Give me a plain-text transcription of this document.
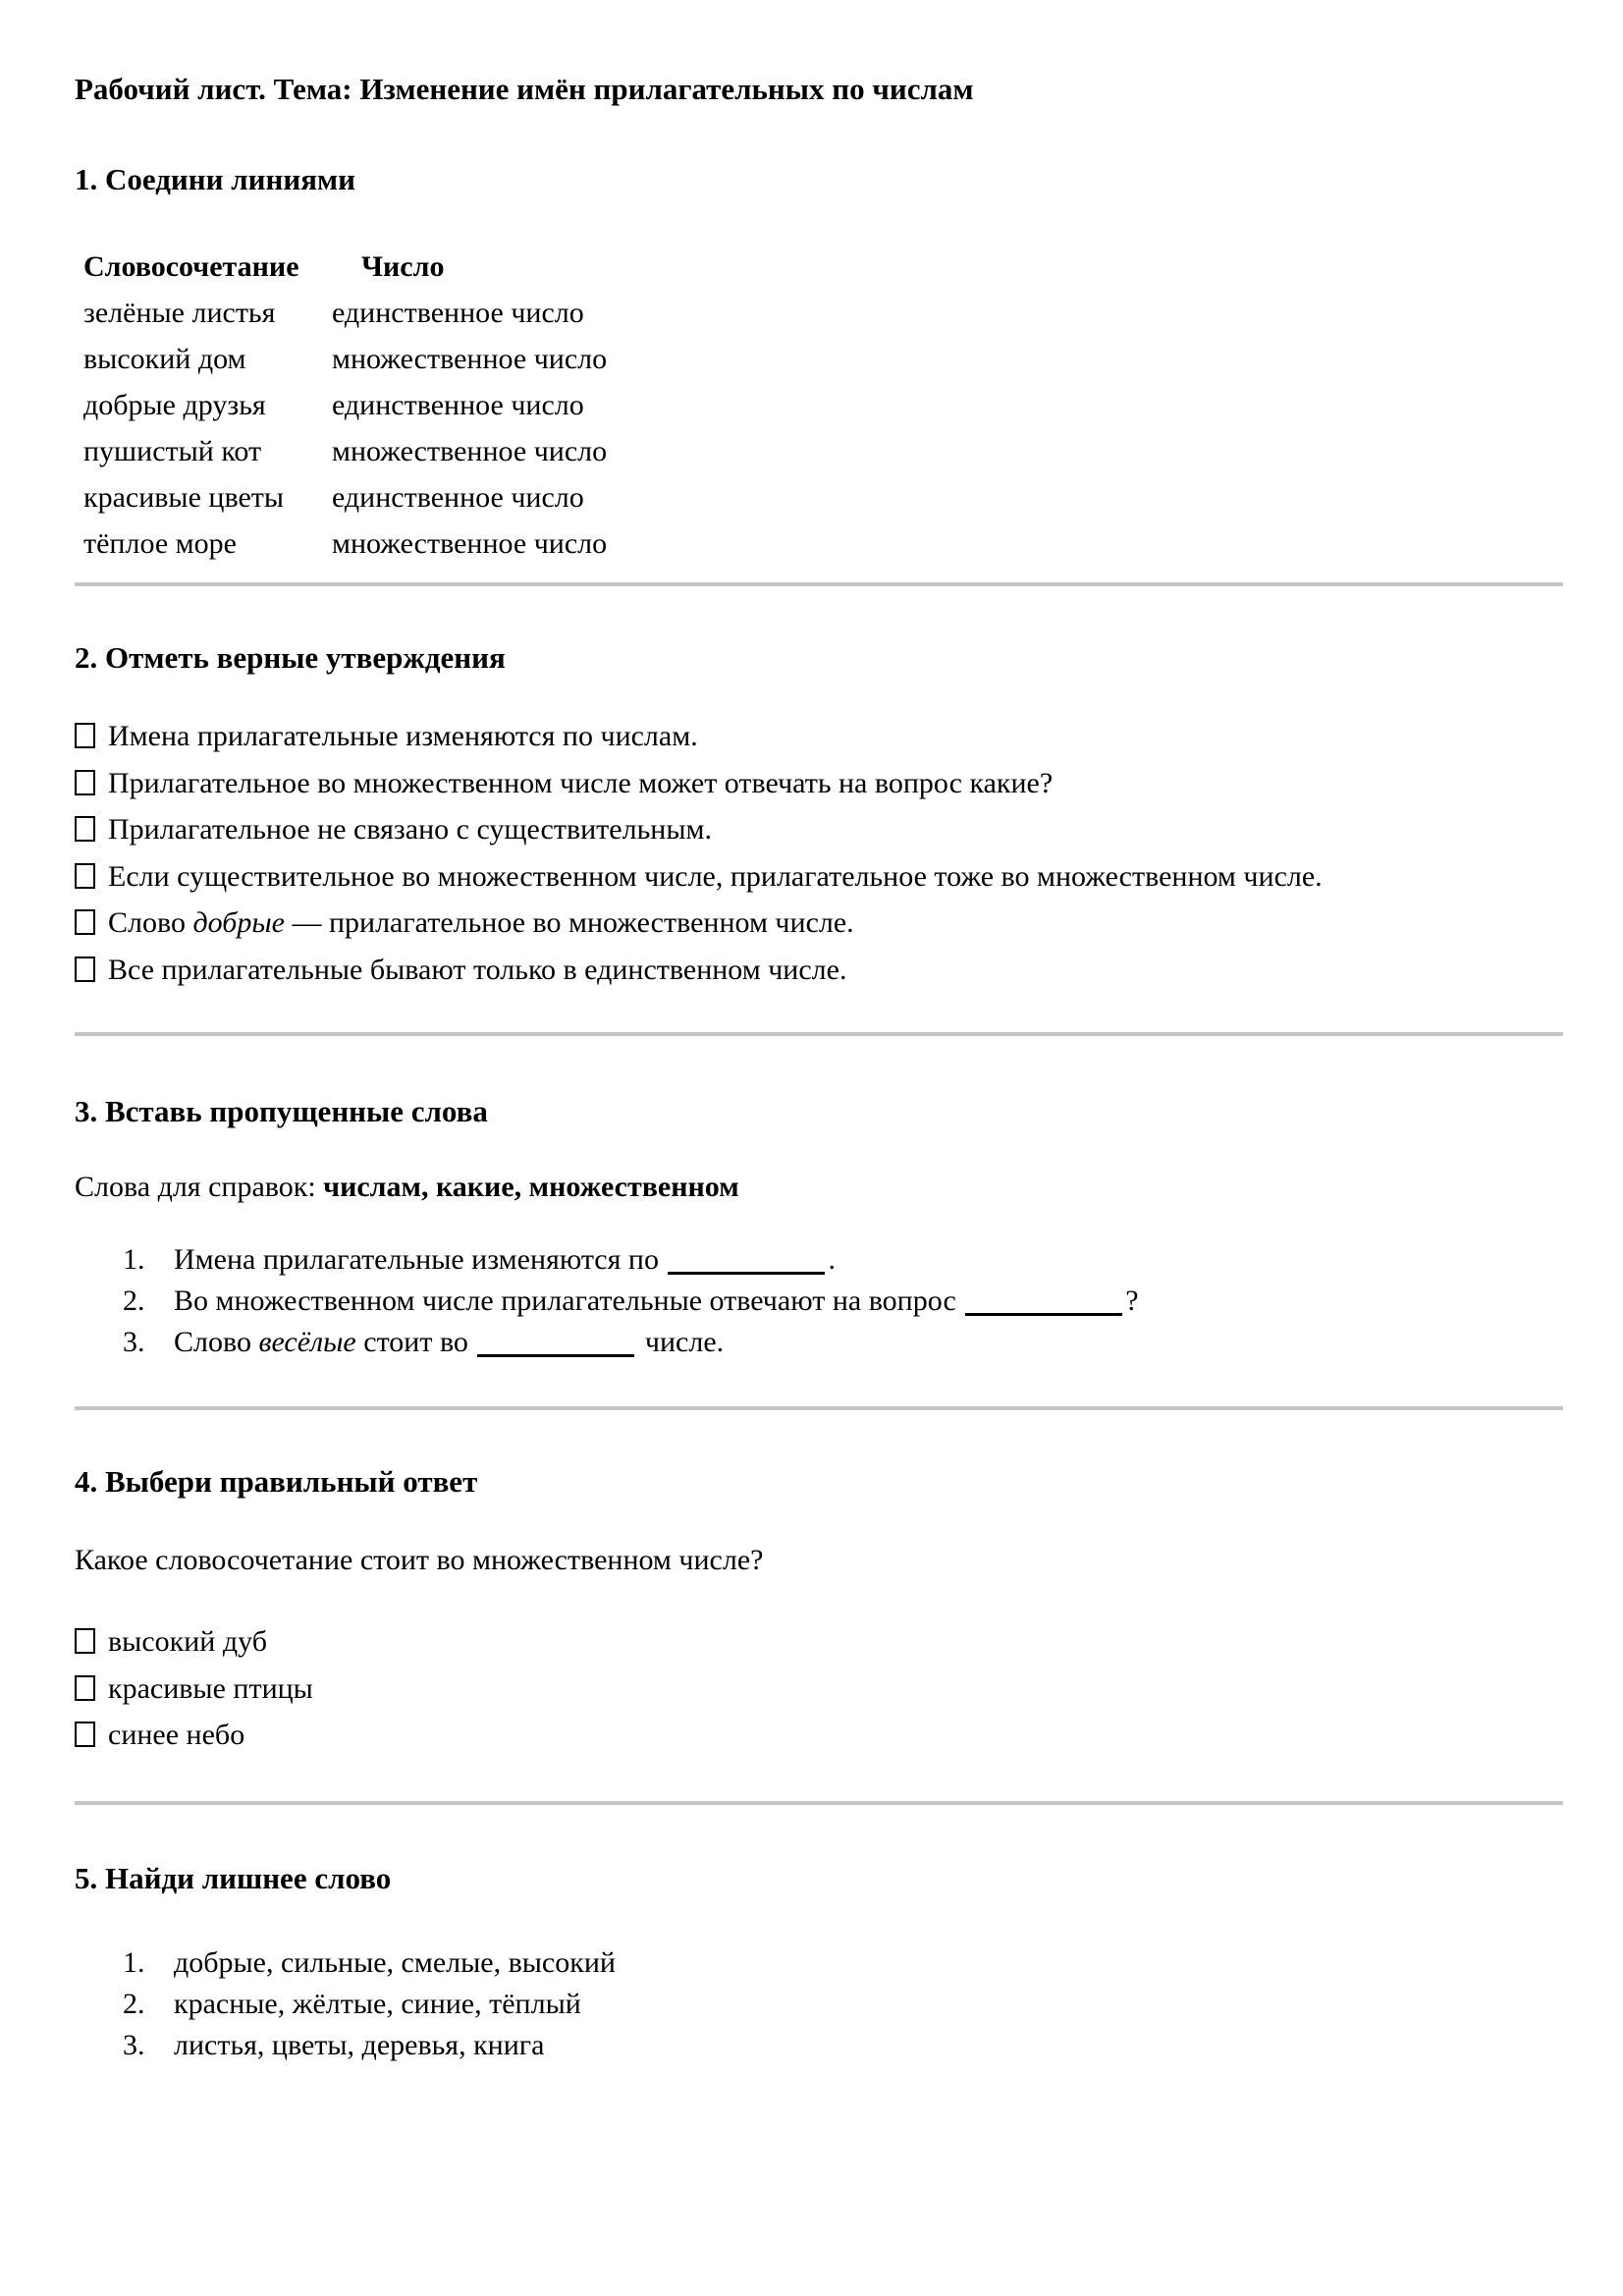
Рабочий лист. Тема: Изменение имён прилагательных по числам
1. Соедини линиями
Словосочетание	Число
зелёные листья	единственное число
высокий дом	множественное число
добрые друзья	единственное число
пушистый кот	множественное число
красивые цветы	единственное число
тёплое море	множественное число
2. Отметь верные утверждения
Имена прилагательные изменяются по числам.
Прилагательное во множественном числе может отвечать на вопрос какие?
Прилагательное не связано с существительным.
Если существительное во множественном числе, прилагательное тоже во множественном числе.
Слово добрые — прилагательное во множественном числе.
Все прилагательные бывают только в единственном числе.
3. Вставь пропущенные слова
Слова для справок: числам, какие, множественном
1. Имена прилагательные изменяются по	.
2. Во множественном числе прилагательные отвечают на вопрос	?
3. Слово весёлые стоит во	числе.
4. Выбери правильный ответ
Какое словосочетание стоит во множественном числе?
высокий дуб
красивые птицы
синее небо
5. Найди лишнее слово
1. добрые, сильные, смелые, высокий
2. красные, жёлтые, синие, тёплый
3. листья, цветы, деревья, книга
